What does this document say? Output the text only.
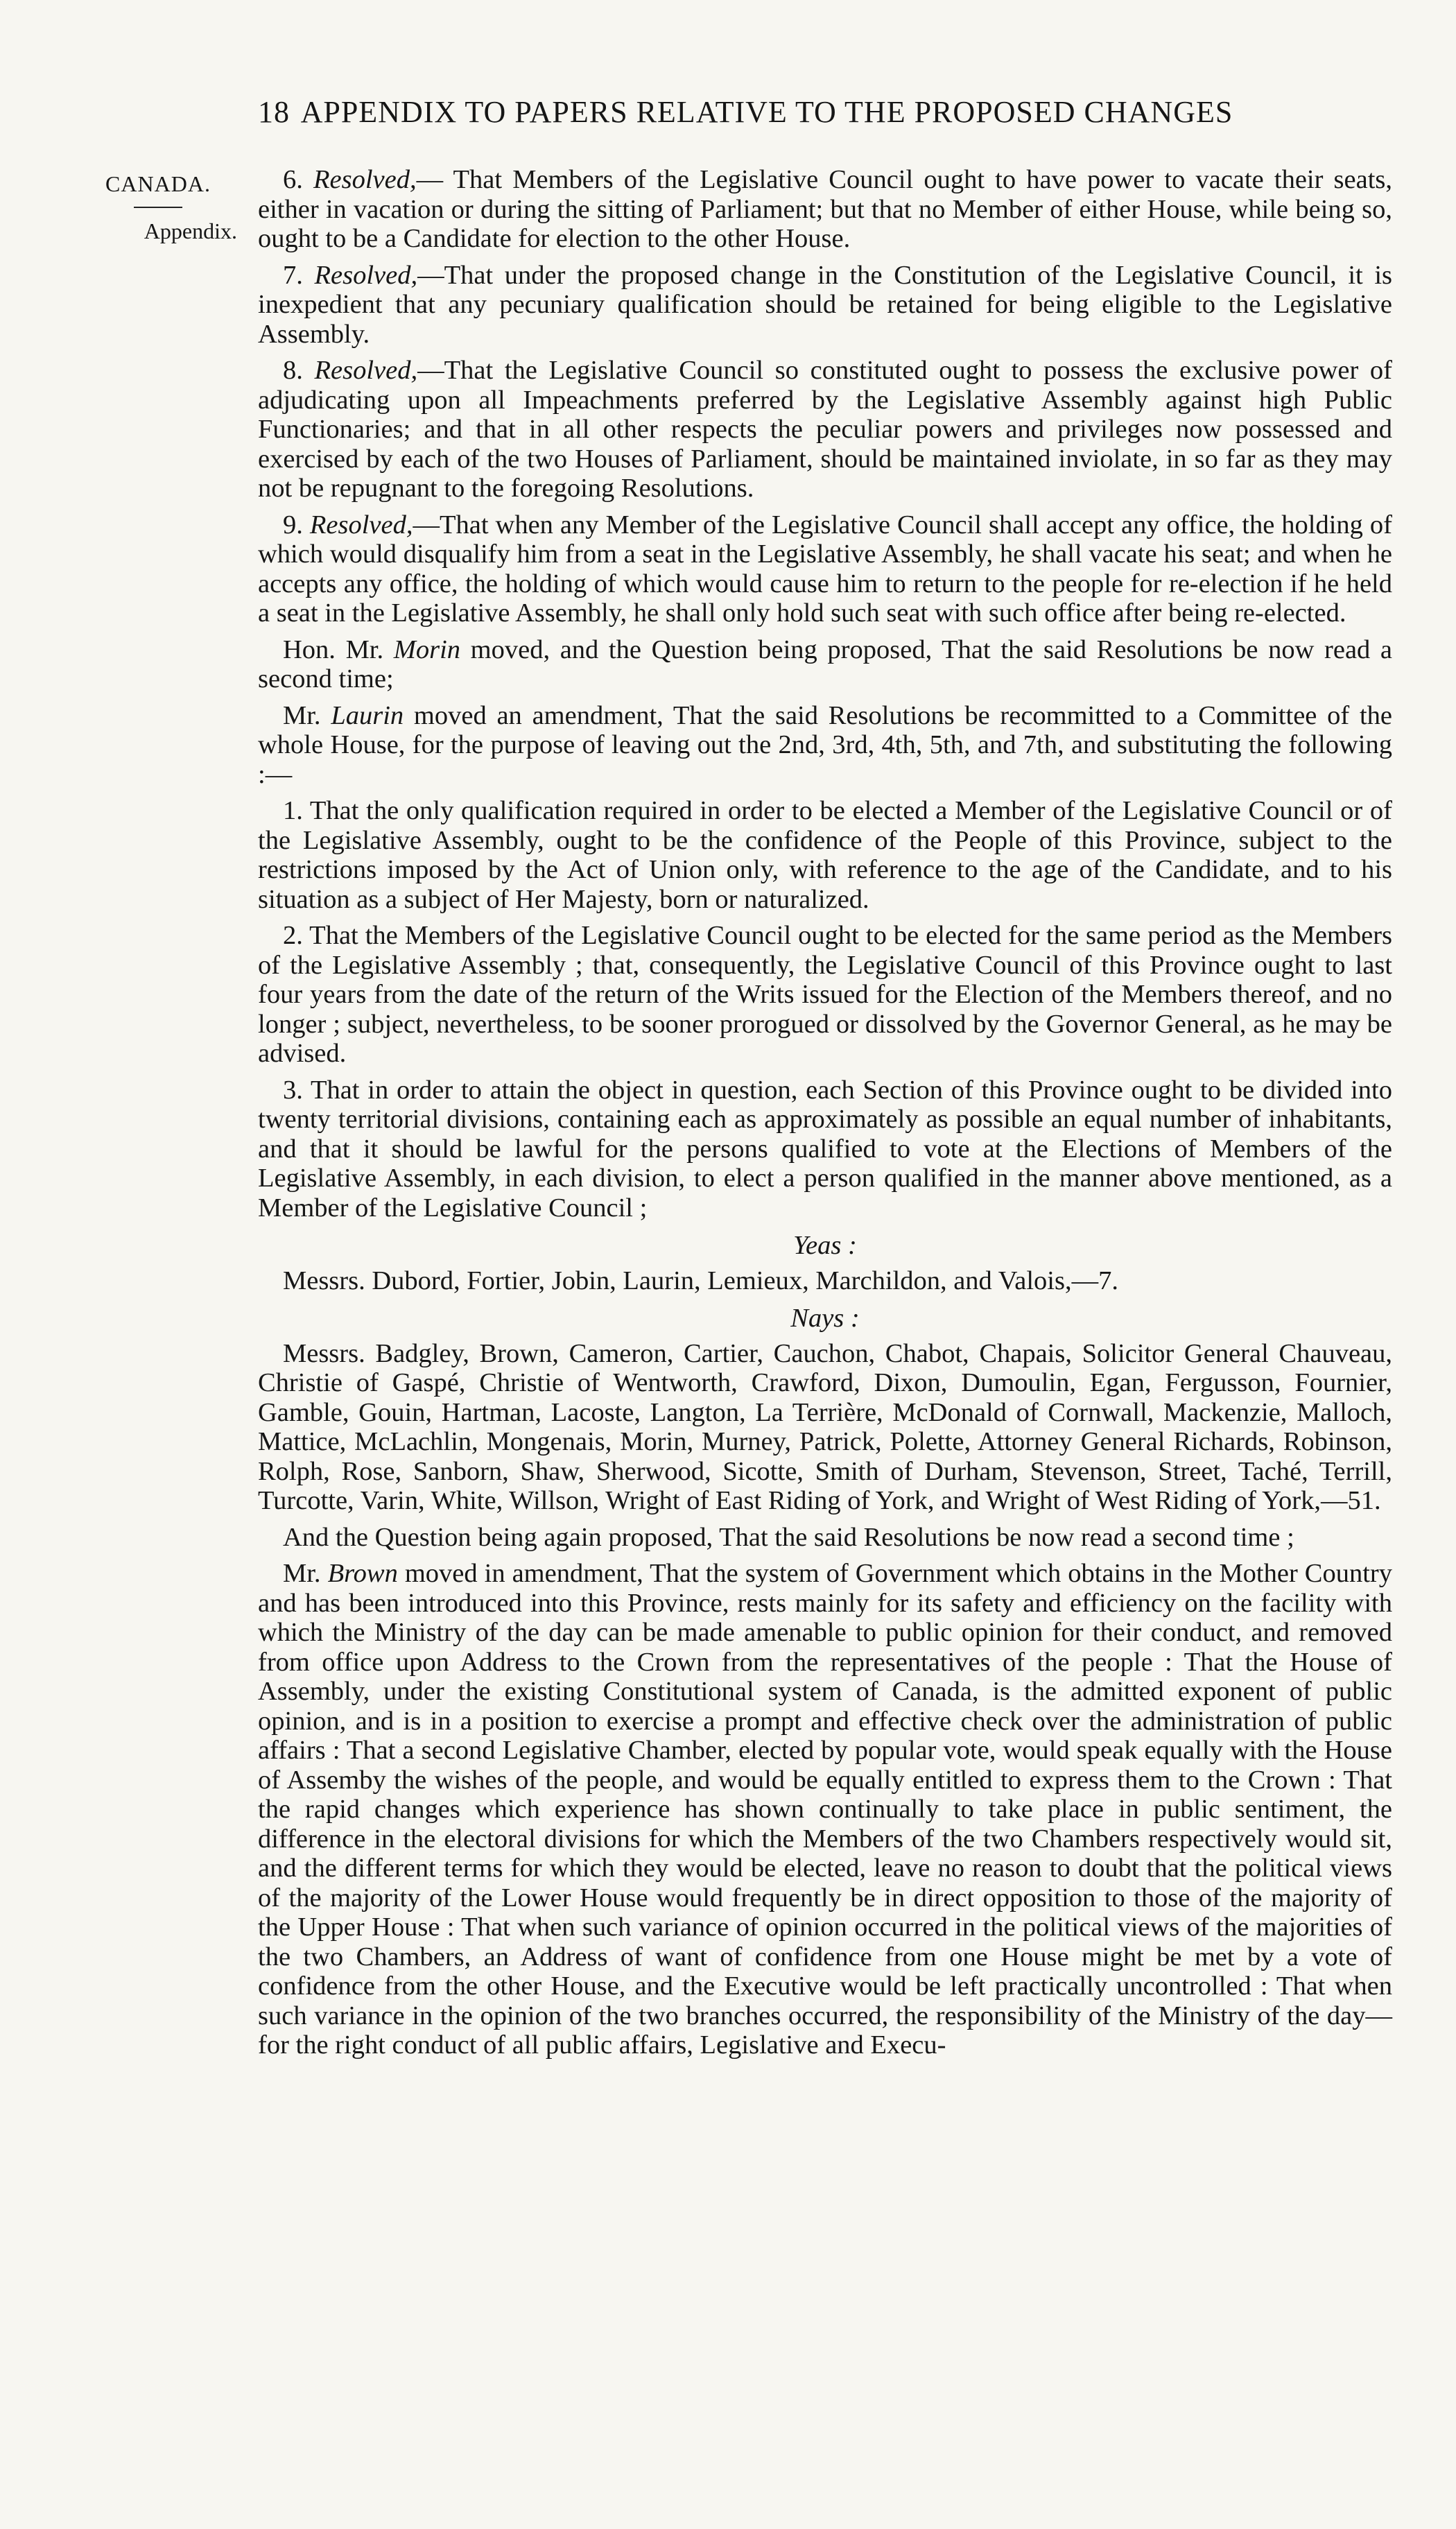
18 APPENDIX TO PAPERS RELATIVE TO THE PROPOSED CHANGES
CANADA.
Appendix.

6. Resolved,— That Members of the Legislative Council ought to have power to vacate their seats, either in vacation or during the sitting of Parliament; but that no Member of either House, while being so, ought to be a Candidate for election to the other House.

7. Resolved,—That under the proposed change in the Constitution of the Legislative Council, it is inexpedient that any pecuniary qualification should be retained for being eligible to the Legislative Assembly.

8. Resolved,—That the Legislative Council so constituted ought to possess the exclusive power of adjudicating upon all Impeachments preferred by the Legislative Assembly against high Public Functionaries; and that in all other respects the peculiar powers and privileges now possessed and exercised by each of the two Houses of Parliament, should be maintained inviolate, in so far as they may not be repugnant to the foregoing Resolutions.

9. Resolved,—That when any Member of the Legislative Council shall accept any office, the holding of which would disqualify him from a seat in the Legislative Assembly, he shall vacate his seat; and when he accepts any office, the holding of which would cause him to return to the people for re-election if he held a seat in the Legislative Assembly, he shall only hold such seat with such office after being re-elected.

Hon. Mr. Morin moved, and the Question being proposed, That the said Resolutions be now read a second time;

Mr. Laurin moved an amendment, That the said Resolutions be recommitted to a Committee of the whole House, for the purpose of leaving out the 2nd, 3rd, 4th, 5th, and 7th, and substituting the following :—

1. That the only qualification required in order to be elected a Member of the Legislative Council or of the Legislative Assembly, ought to be the confidence of the People of this Province, subject to the restrictions imposed by the Act of Union only, with reference to the age of the Candidate, and to his situation as a subject of Her Majesty, born or naturalized.

2. That the Members of the Legislative Council ought to be elected for the same period as the Members of the Legislative Assembly ; that, consequently, the Legislative Council of this Province ought to last four years from the date of the return of the Writs issued for the Election of the Members thereof, and no longer ; subject, nevertheless, to be sooner prorogued or dissolved by the Governor General, as he may be advised.

3. That in order to attain the object in question, each Section of this Province ought to be divided into twenty territorial divisions, containing each as approximately as possible an equal number of inhabitants, and that it should be lawful for the persons qualified to vote at the Elections of Members of the Legislative Assembly, in each division, to elect a person qualified in the manner above mentioned, as a Member of the Legislative Council ;

Yeas :

Messrs. Dubord, Fortier, Jobin, Laurin, Lemieux, Marchildon, and Valois,—7.

Nays :

Messrs. Badgley, Brown, Cameron, Cartier, Cauchon, Chabot, Chapais, Solicitor General Chauveau, Christie of Gaspé, Christie of Wentworth, Crawford, Dixon, Dumoulin, Egan, Fergusson, Fournier, Gamble, Gouin, Hartman, Lacoste, Langton, La Terrière, McDonald of Cornwall, Mackenzie, Malloch, Mattice, McLachlin, Mongenais, Morin, Murney, Patrick, Polette, Attorney General Richards, Robinson, Rolph, Rose, Sanborn, Shaw, Sherwood, Sicotte, Smith of Durham, Stevenson, Street, Taché, Terrill, Turcotte, Varin, White, Willson, Wright of East Riding of York, and Wright of West Riding of York,—51.

And the Question being again proposed, That the said Resolutions be now read a second time ;

Mr. Brown moved in amendment, That the system of Government which obtains in the Mother Country and has been introduced into this Province, rests mainly for its safety and efficiency on the facility with which the Ministry of the day can be made amenable to public opinion for their conduct, and removed from office upon Address to the Crown from the representatives of the people : That the House of Assembly, under the existing Constitutional system of Canada, is the admitted exponent of public opinion, and is in a position to exercise a prompt and effective check over the administration of public affairs : That a second Legislative Chamber, elected by popular vote, would speak equally with the House of Assemby the wishes of the people, and would be equally entitled to express them to the Crown : That the rapid changes which experience has shown continually to take place in public sentiment, the difference in the electoral divisions for which the Members of the two Chambers respectively would sit, and the different terms for which they would be elected, leave no reason to doubt that the political views of the majority of the Lower House would frequently be in direct opposition to those of the majority of the Upper House : That when such variance of opinion occurred in the political views of the majorities of the two Chambers, an Address of want of confidence from one House might be met by a vote of confidence from the other House, and the Executive would be left practically uncontrolled : That when such variance in the opinion of the two branches occurred, the responsibility of the Ministry of the day—for the right conduct of all public affairs, Legislative and Execu-
